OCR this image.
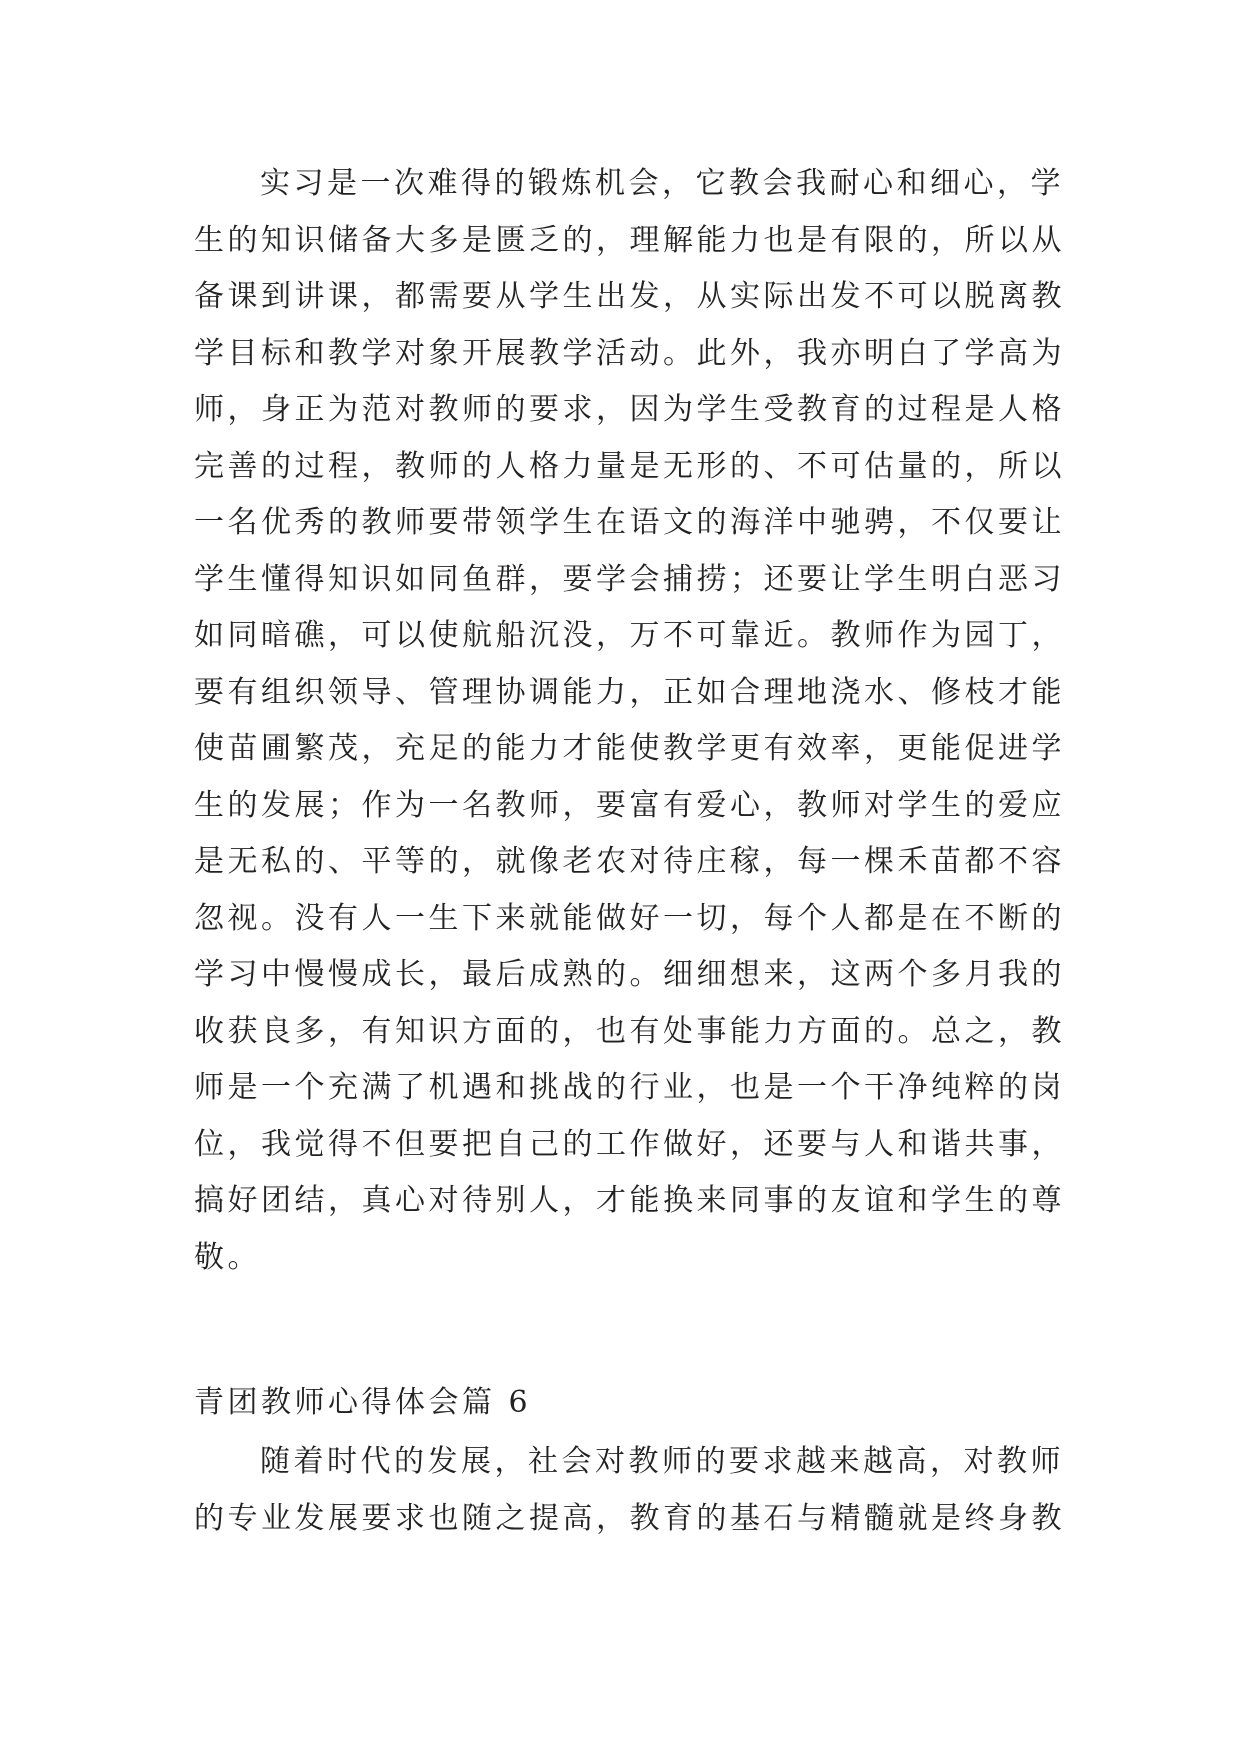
实习是一次难得的锻炼机会，它教会我耐心和细心，学
生的知识储备大多是匮乏的，理解能力也是有限的，所以从
备课到讲课，都需要从学生出发，从实际出发不可以脱离教
学目标和教学对象开展教学活动。此外，我亦明白了学高为
师，身正为范对教师的要求，因为学生受教育的过程是人格
完善的过程，教师的人格力量是无形的、不可估量的，所以
一名优秀的教师要带领学生在语文的海洋中驰骋，不仅要让
学生懂得知识如同鱼群，要学会捕捞；还要让学生明白恶习
如同暗礁，可以使航船沉没，万不可靠近。教师作为园丁，
要有组织领导、管理协调能力，正如合理地浇水、修枝才能
使苗圃繁茂，充足的能力才能使教学更有效率，更能促进学
生的发展；作为一名教师，要富有爱心，教师对学生的爱应
是无私的、平等的，就像老农对待庄稼，每一棵禾苗都不容
忽视。没有人一生下来就能做好一切，每个人都是在不断的
学习中慢慢成长，最后成熟的。细细想来，这两个多月我的
收获良多，有知识方面的，也有处事能力方面的。总之，教
师是一个充满了机遇和挑战的行业，也是一个干净纯粹的岗
位，我觉得不但要把自己的工作做好，还要与人和谐共事，
搞好团结，真心对待别人，才能换来同事的友谊和学生的尊
敬。
青团教师心得体会篇 6
随着时代的发展，社会对教师的要求越来越高，对教师
的专业发展要求也随之提高，教育的基石与精髓就是终身教
